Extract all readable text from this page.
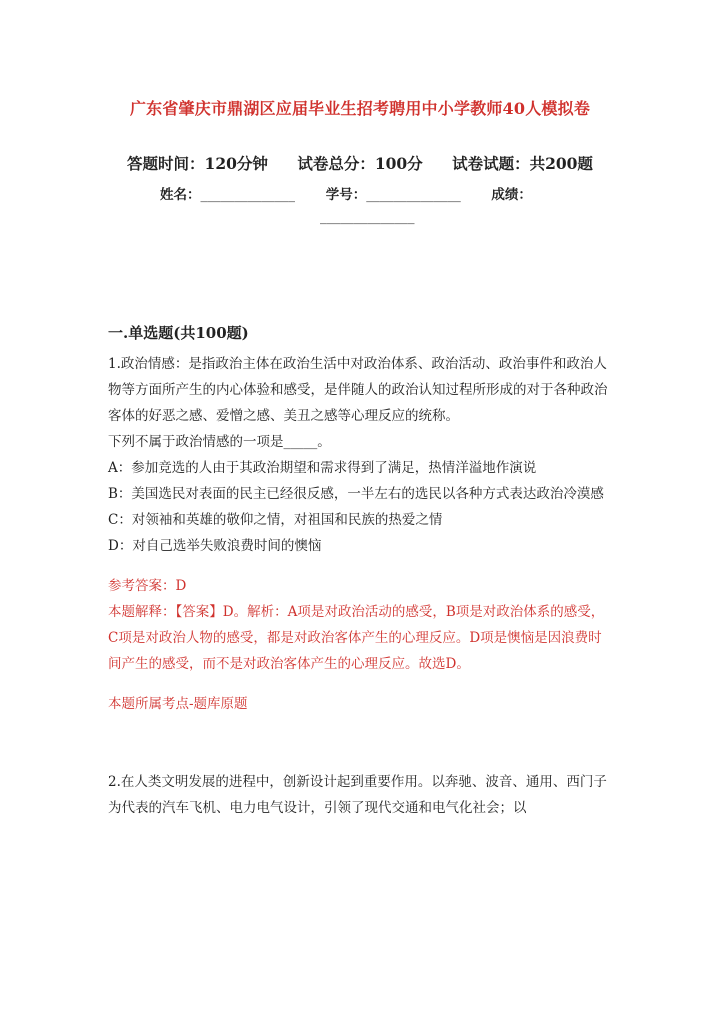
广东省肇庆市鼎湖区应届毕业生招考聘用中小学教师40人模拟卷
答题时间：120分钟 试卷总分：100分 试卷试题：共200题
姓名：______________ 学号：______________ 成绩：
______________
一.单选题(共100题)

1.政治情感：是指政治主体在政治生活中对政治体系、政治活动、政治事件和政治人物等方面所产生的内心体验和感受，是伴随人的政治认知过程所形成的对于各种政治客体的好恶之感、爱憎之感、美丑之感等心理反应的统称。

下列不属于政治情感的一项是_____。

A：参加竞选的人由于其政治期望和需求得到了满足，热情洋溢地作演说

B：美国选民对表面的民主已经很反感，一半左右的选民以各种方式表达政治冷漠感

C：对领袖和英雄的敬仰之情，对祖国和民族的热爱之情

D：对自己选举失败浪费时间的懊恼

参考答案：D

本题解释：【答案】D。解析：A项是对政治活动的感受，B项是对政治体系的感受，C项是对政治人物的感受，都是对政治客体产生的心理反应。D项是懊恼是因浪费时间产生的感受，而不是对政治客体产生的心理反应。故选D。

本题所属考点-题库原题

2.在人类文明发展的进程中，创新设计起到重要作用。以奔驰、波音、通用、西门子为代表的汽车飞机、电力电气设计，引领了现代交通和电气化社会；以
